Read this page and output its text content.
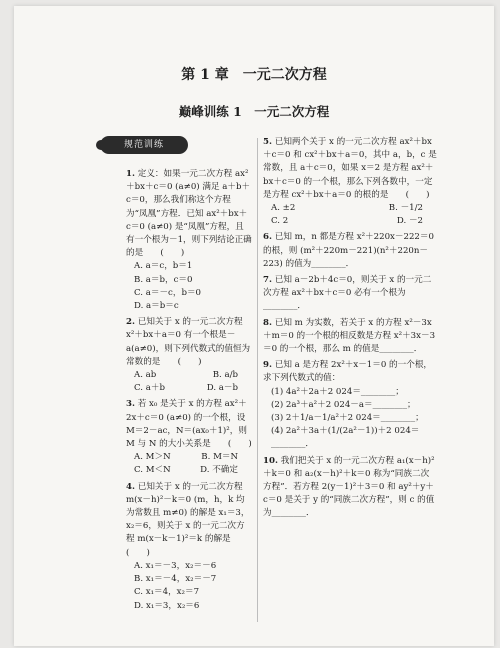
第 1 章　一元二次方程
巅峰训练 1　一元二次方程

1. 定义：如果一元二次方程 ax²＋bx＋c＝0 (a≠0) 满足 a＋b＋c＝0，那么我们称这个方程为“凤凰”方程．已知 ax²＋bx＋c＝0 (a≠0) 是“凤凰”方程，且有一个根为－1，则下列结论正确的是　　(　　)

A. a＝c，b＝1

B. a＝b，c＝0

C. a＝－c，b＝0

D. a＝b＝c

2. 已知关于 x 的一元二次方程 x²＋bx＋a＝0 有一个根是－a(a≠0)，则下列代数式的值恒为常数的是　　(　　)

A. ab	B. a/b
C. a＋b	D. a－b

3. 若 x₀ 是关于 x 的方程 ax²＋2x＋c＝0 (a≠0) 的一个根，设 M＝2－ac，N＝(ax₀＋1)²，则 M 与 N 的大小关系是　　(　　)

A. M＞N	B. M＝N
C. M＜N	D. 不确定

4. 已知关于 x 的一元二次方程 m(x－h)²－k＝0 (m，h，k 均为常数且 m≠0) 的解是 x₁＝3，x₂＝6，则关于 x 的一元二次方程 m(x－k－1)²＝k 的解是　　(　　)

A. x₁＝－3，x₂＝－6

B. x₁＝－4，x₂＝－7

C. x₁＝4，x₂＝7

D. x₁＝3，x₂＝6

5. 已知两个关于 x 的一元二次方程 ax²＋bx＋c＝0 和 cx²＋bx＋a＝0，其中 a，b，c 是常数，且 a＋c＝0，如果 x＝2 是方程 ax²＋bx＋c＝0 的一个根，那么下列各数中，一定是方程 cx²＋bx＋a＝0 的根的是　　(　　)

A. ±2	B. －1/2
C. 2	D. －2

6. 已知 m，n 都是方程 x²＋220x－222＝0 的根，则 (m²＋220m－221)(n²＋220n－223) 的值为________．

7. 已知 a－2b＋4c＝0，则关于 x 的一元二次方程 ax²＋bx＋c＝0 必有一个根为________．

8. 已知 m 为实数，若关于 x 的方程 x²－3x＋m＝0 的一个根的相反数是方程 x²＋3x－3＝0 的一个根，那么 m 的值是________．

9. 已知 a 是方程 2x²＋x－1＝0 的一个根，求下列代数式的值：

(1) 4a²＋2a＋2 024＝________；

(2) 2a³＋a²＋2 024－a＝________；

(3) 2＋1/a－1/a²＋2 024＝________；

(4) 2a²＋3a＋(1/(2a²－1))＋2 024＝________．

10. 我们把关于 x 的一元二次方程 a₁(x－h)²＋k＝0 和 a₂(x－h)²＋k＝0 称为“同族二次方程”．若方程 2(y－1)²＋3＝0 和 ay²＋y＋c＝0 是关于 y 的“同族二次方程”，则 c 的值为________．

规范训练
